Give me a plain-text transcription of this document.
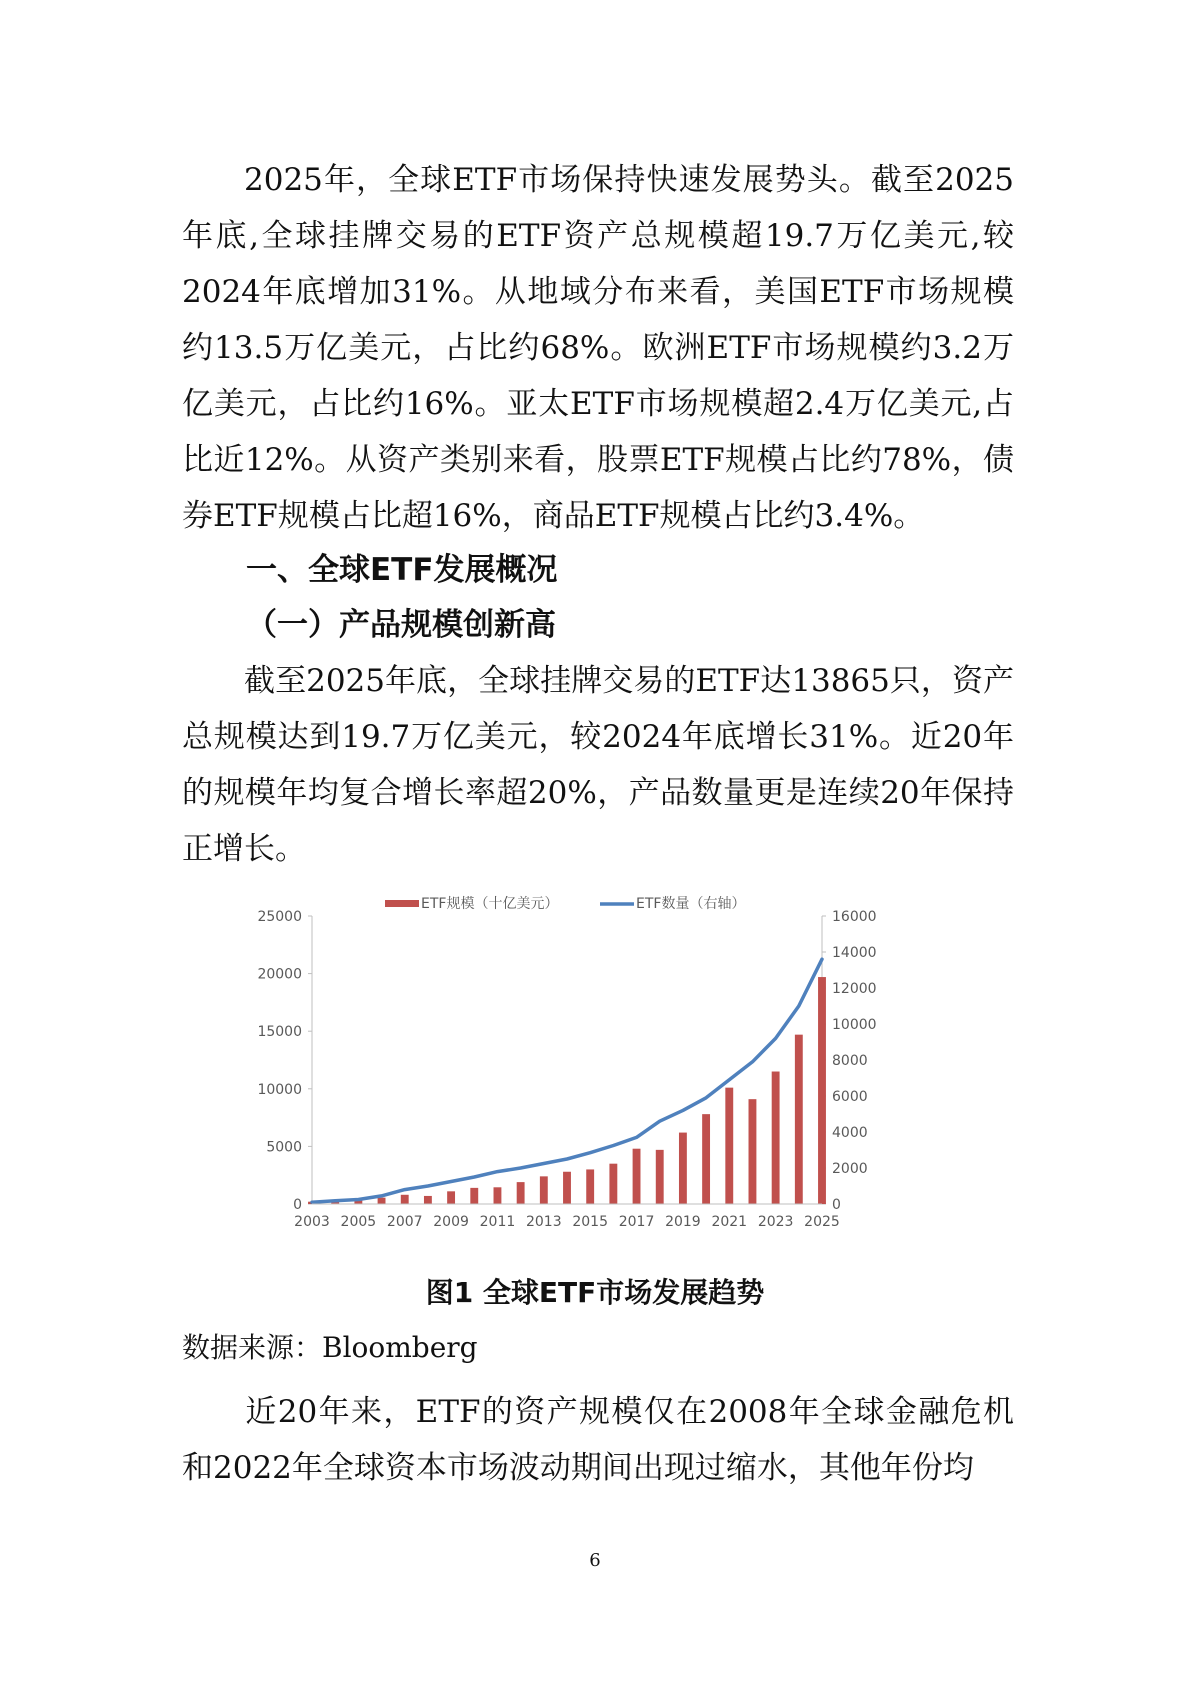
2025年，全球ETF市场保持快速发展势头。截至2025年底,全球挂牌交易的ETF资产总规模超19.7万亿美元,较2024年底增加31%。从地域分布来看，美国ETF市场规模约13.5万亿美元，占比约68%。欧洲ETF市场规模约3.2万亿美元，占比约16%。亚太ETF市场规模超2.4万亿美元,占比近12%。从资产类别来看，股票ETF规模占比约78%，债券ETF规模占比超16%，商品ETF规模占比约3.4%。

一、全球ETF发展概况

（一）产品规模创新高

截至2025年底，全球挂牌交易的ETF达13865只，资产总规模达到19.7万亿美元，较2024年底增长31%。近20年的规模年均复合增长率超20%，产品数量更是连续20年保持正增长。

ETF规模（十亿美元）	ETF数量（右轴）
0
5000
10000
15000
20000
25000
0
2000
4000
6000
8000
10000
12000
14000
16000
2003 2005 2007 2009 2011 2013 2015 2017 2019 2021 2023 2025

图1 全球ETF市场发展趋势

数据来源：Bloomberg

近20年来，ETF的资产规模仅在2008年全球金融危机和2022年全球资本市场波动期间出现过缩水，其他年份均

6
